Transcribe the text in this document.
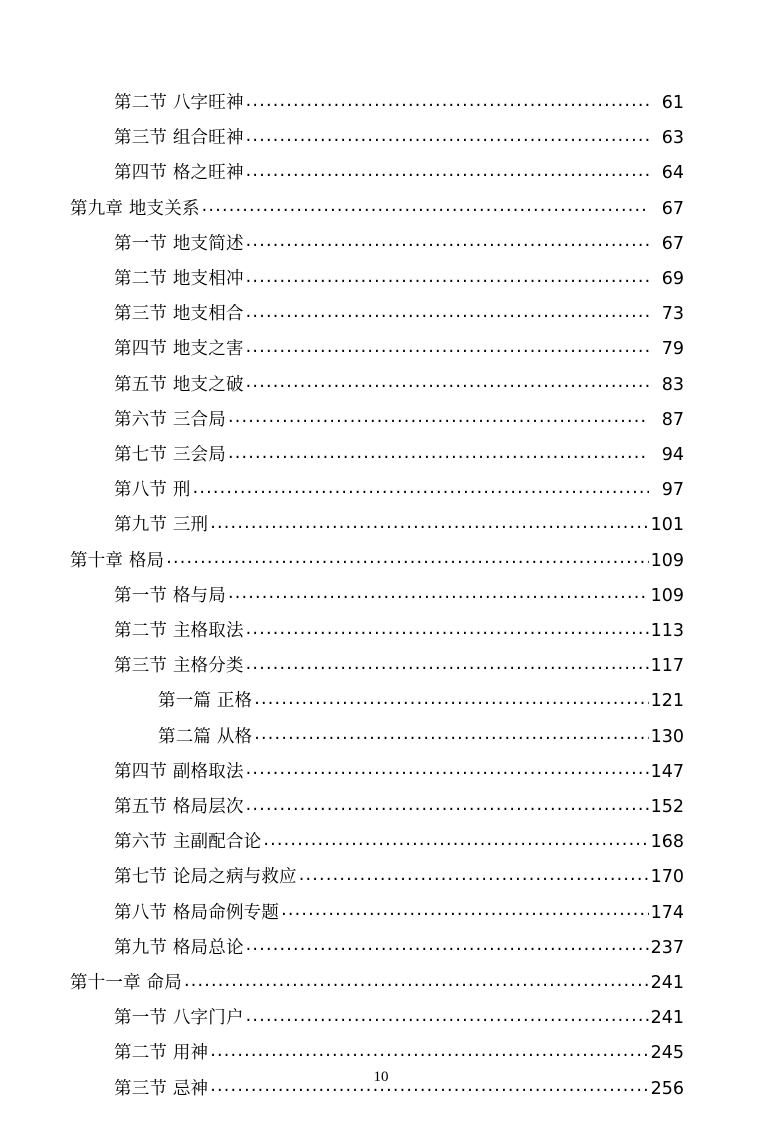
第二节 八字旺神 .....	61
第三节 组合旺神 .....	63
第四节 格之旺神 .....	64
第九章 地支关系 .....	67
第一节 地支简述 .....	67
第二节 地支相冲 .....	69
第三节 地支相合 .....	73
第四节 地支之害 .....	79
第五节 地支之破 .....	83
第六节 三合局 .....	87
第七节 三会局 .....	94
第八节 刑 .....	97
第九节 三刑 .....	101
第十章 格局 .....	109
第一节 格与局 .....	109
第二节 主格取法 .....	113
第三节 主格分类 .....	117
第一篇 正格 .....	121
第二篇 从格 .....	130
第四节 副格取法 .....	147
第五节 格局层次 .....	152
第六节 主副配合论 .....	168
第七节 论局之病与救应 .....	170
第八节 格局命例专题 .....	174
第九节 格局总论 .....	237
第十一章 命局 .....	241
第一节 八字门户 .....	241
第二节 用神 .....	245
第三节 忌神 .....	256
10
